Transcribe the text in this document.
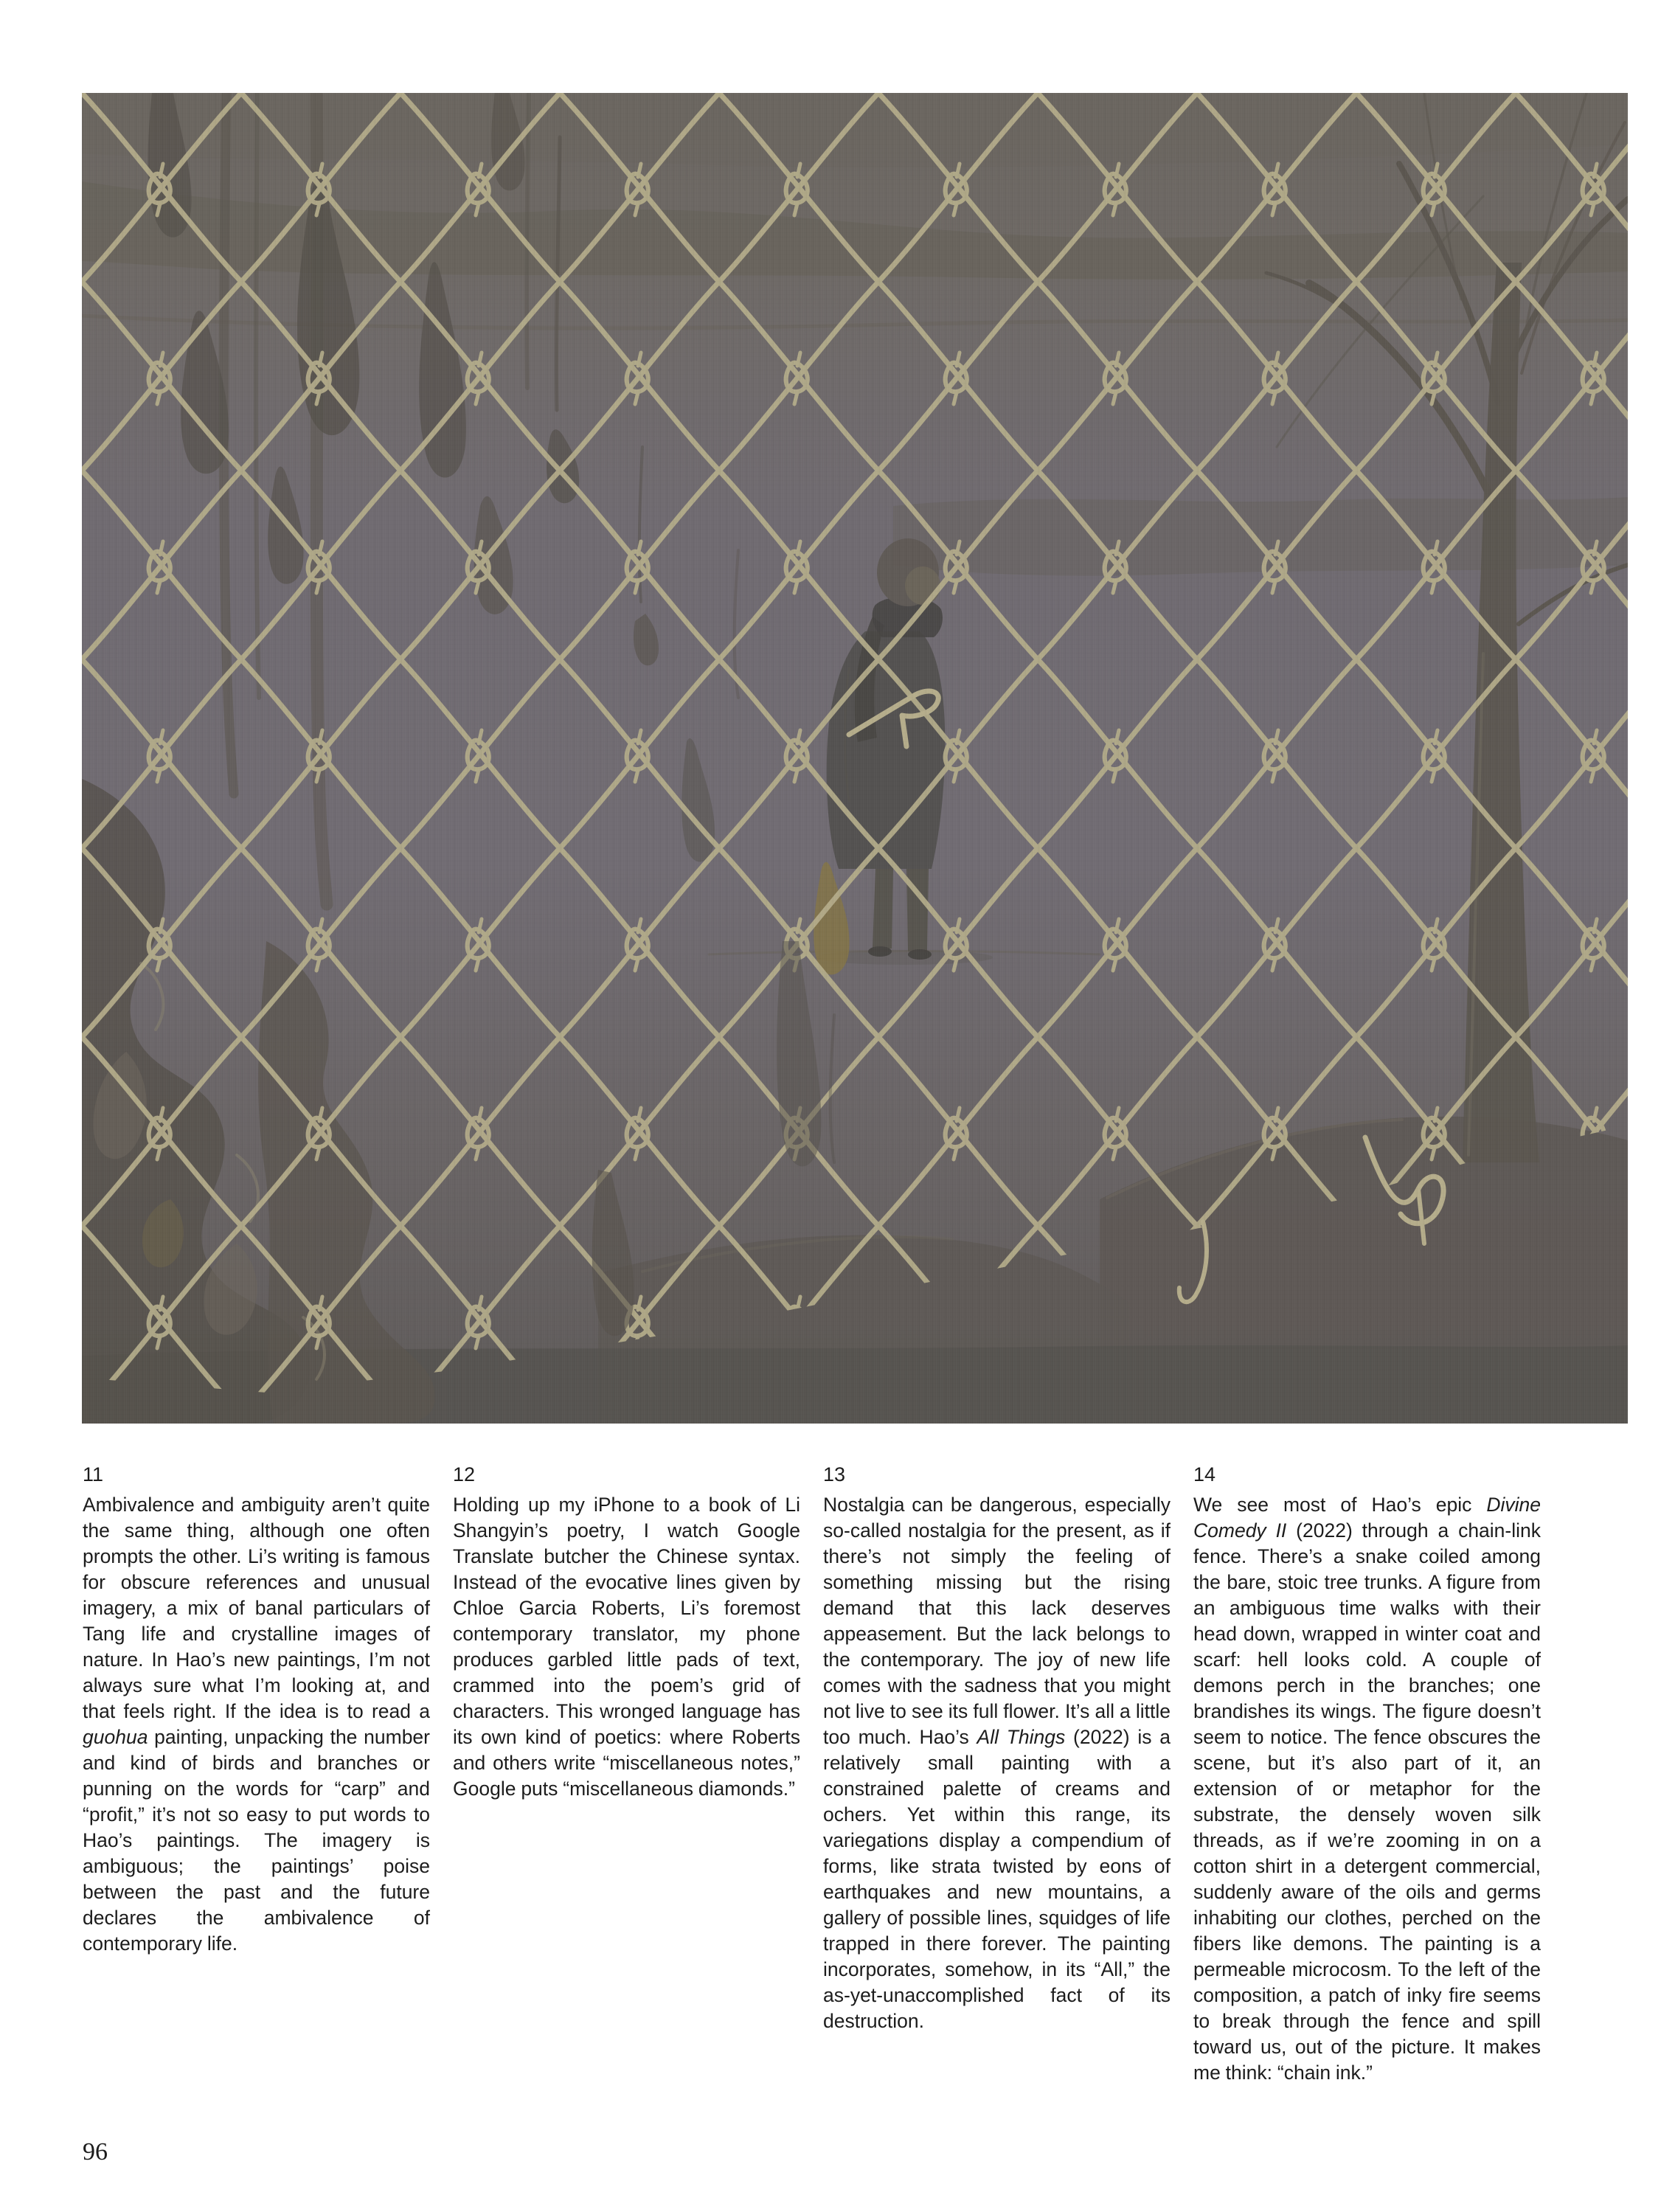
11

Ambivalence and ambiguity aren’t quite the same thing, although one often prompts the other. Li’s writing is famous for obscure references and unusual imagery, a mix of banal particulars of Tang life and crystalline images of nature. In Hao’s new paintings, I’m not always sure what I’m looking at, and that feels right. If the idea is to read a guohua painting, unpacking the number and kind of birds and branches or punning on the words for “carp” and “profit,” it’s not so easy to put words to Hao’s paintings. The imagery is ambiguous; the paintings’ poise between the past and the future declares the ambivalence of contemporary life.

12

Holding up my iPhone to a book of Li Shangyin’s poetry, I watch Google Translate butcher the Chinese syntax. Instead of the evocative lines given by Chloe Garcia Roberts, Li’s foremost contemporary translator, my phone produces garbled little pads of text, crammed into the poem’s grid of characters. This wronged language has its own kind of poetics: where Roberts and others write “miscellaneous notes,” Google puts “miscellaneous diamonds.”

13

Nostalgia can be dangerous, especially so-called nostalgia for the present, as if there’s not simply the feeling of something missing but the rising demand that this lack deserves appeasement. But the lack belongs to the contemporary. The joy of new life comes with the sadness that you might not live to see its full flower. It’s all a little too much. Hao’s All Things (2022) is a relatively small painting with a constrained palette of creams and ochers. Yet within this range, its variegations display a compendium of forms, like strata twisted by eons of earthquakes and new mountains, a gallery of possible lines, squidges of life trapped in there forever. The painting incorporates, somehow, in its “All,” the as-yet-unaccomplished fact of its destruction.

14

We see most of Hao’s epic Divine Comedy II (2022) through a chain-link fence. There’s a snake coiled among the bare, stoic tree trunks. A figure from an ambiguous time walks with their head down, wrapped in winter coat and scarf: hell looks cold. A couple of demons perch in the branches; one brandishes its wings. The figure doesn’t seem to notice. The fence obscures the scene, but it’s also part of it, an extension of or metaphor for the substrate, the densely woven silk threads, as if we’re zooming in on a cotton shirt in a detergent commercial, suddenly aware of the oils and germs inhabiting our clothes, perched on the fibers like demons. The painting is a permeable microcosm. To the left of the composition, a patch of inky fire seems to break through the fence and spill toward us, out of the picture. It makes me think: “chain ink.”

96
